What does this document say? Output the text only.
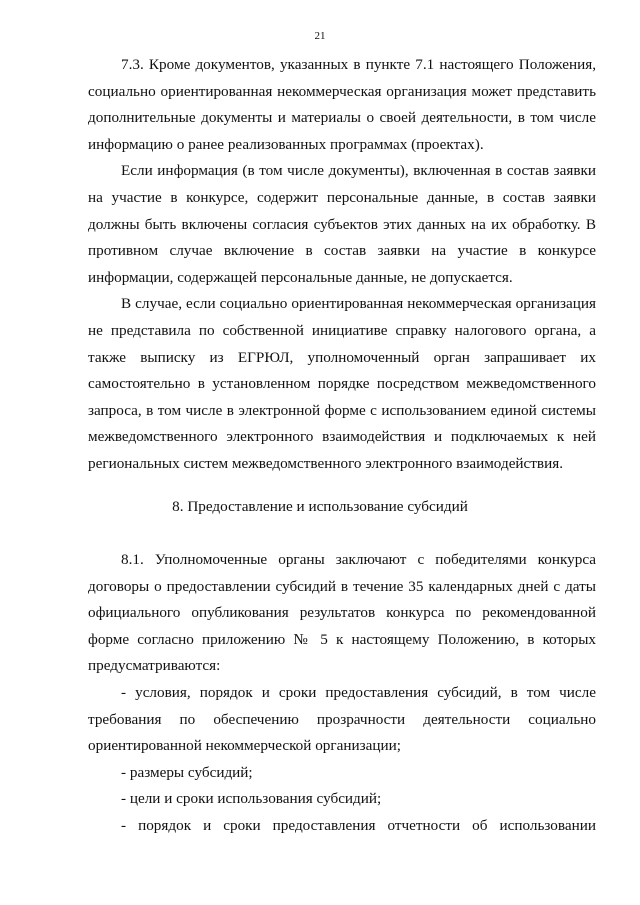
21
7.3. Кроме документов, указанных в пункте 7.1 настоящего Положения,
социально ориентированная некоммерческая организация может представить
дополнительные документы и материалы о своей деятельности, в том числе
информацию о ранее реализованных программах (проектах).
Если информация (в том числе документы), включенная в состав заявки
на участие в конкурсе, содержит персональные данные, в состав заявки
должны быть включены согласия субъектов этих данных на их обработку. В
противном случае включение в состав заявки на участие в конкурсе
информации, содержащей персональные данные, не допускается.
В случае, если социально ориентированная некоммерческая организация
не представила по собственной инициативе справку налогового органа, а
также выписку из ЕГРЮЛ, уполномоченный орган запрашивает их
самостоятельно в установленном порядке посредством межведомственного
запроса, в том числе в электронной форме с использованием единой системы
межведомственного электронного взаимодействия и подключаемых к ней
региональных систем межведомственного электронного взаимодействия.
8. Предоставление и использование субсидий
8.1. Уполномоченные органы заключают с победителями конкурса
договоры о предоставлении субсидий в течение 35 календарных дней с даты
официального опубликования результатов конкурса по рекомендованной
форме согласно приложению № 5 к настоящему Положению, в которых
предусматриваются:
- условия, порядок и сроки предоставления субсидий, в том числе
требования по обеспечению прозрачности деятельности социально
ориентированной некоммерческой организации;
- размеры субсидий;
- цели и сроки использования субсидий;
- порядок и сроки предоставления отчетности об использовании
